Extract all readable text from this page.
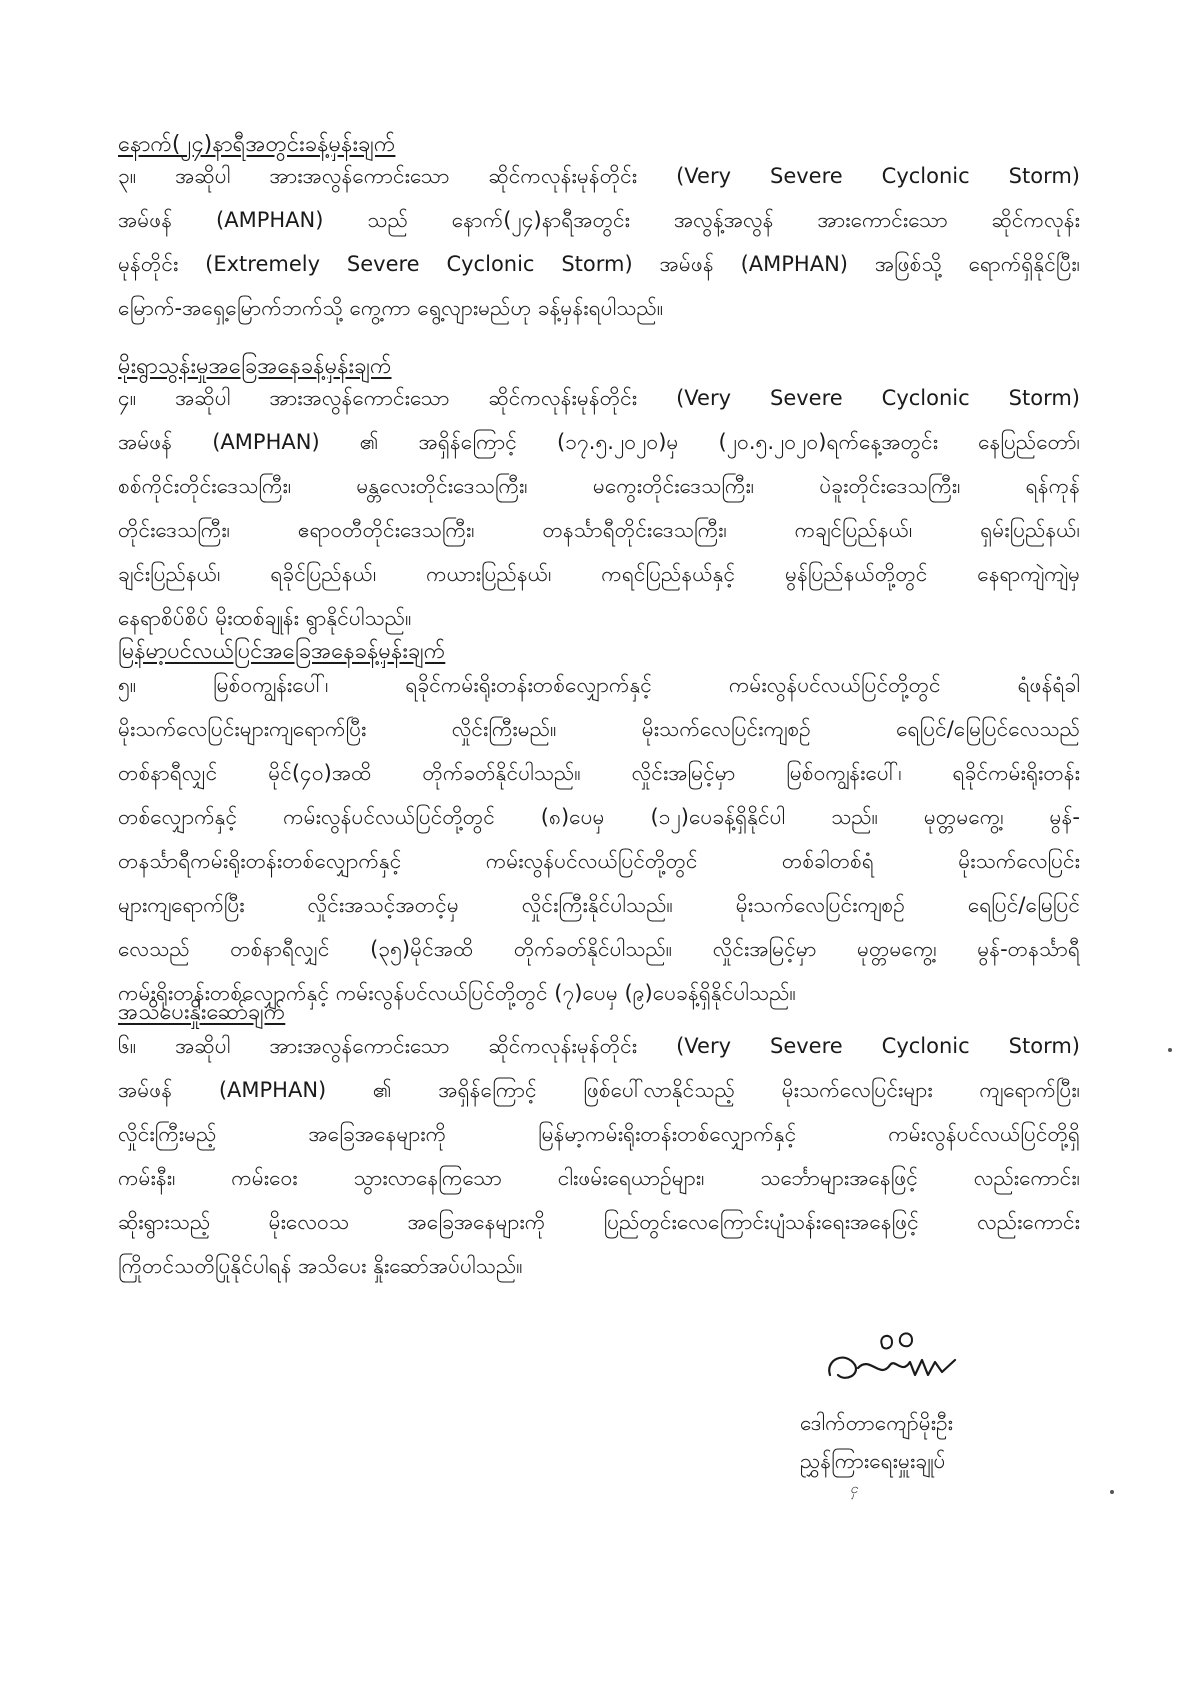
နောက်(၂၄)နာရီအတွင်းခန့်မှန်းချက်
၃။ အဆိုပါ အားအလွန်ကောင်းသော ဆိုင်ကလုန်းမုန်တိုင်း (Very Severe Cyclonic Storm)
အမ်ဖန် (AMPHAN) သည် နောက်(၂၄)နာရီအတွင်း အလွန့်အလွန် အားကောင်းသော ဆိုင်ကလုန်း
မုန်တိုင်း (Extremely Severe Cyclonic Storm) အမ်ဖန် (AMPHAN) အဖြစ်သို့ ရောက်ရှိနိုင်ပြီး၊
မြောက်-အရှေ့မြောက်ဘက်သို့ ကွေ့ကာ ရွေ့လျားမည်ဟု ခန့်မှန်းရပါသည်။
မိုးရွာသွန်းမှုအခြေအနေခန့်မှန်းချက်
၄။ အဆိုပါ အားအလွန်ကောင်းသော ဆိုင်ကလုန်းမုန်တိုင်း (Very Severe Cyclonic Storm)
အမ်ဖန် (AMPHAN) ၏ အရှိန်ကြောင့် (၁၇.၅.၂၀၂၀)မှ (၂၀.၅.၂၀၂၀)ရက်နေ့အတွင်း နေပြည်တော်၊
စစ်ကိုင်းတိုင်းဒေသကြီး၊ မန္တလေးတိုင်းဒေသကြီး၊ မကွေးတိုင်းဒေသကြီး၊ ပဲခူးတိုင်းဒေသကြီး၊ ရန်ကုန်
တိုင်းဒေသကြီး၊ ဧရာဝတီတိုင်းဒေသကြီး၊ တနင်္သာရီတိုင်းဒေသကြီး၊ ကချင်ပြည်နယ်၊ ရှမ်းပြည်နယ်၊
ချင်းပြည်နယ်၊ ရခိုင်ပြည်နယ်၊ ကယားပြည်နယ်၊ ကရင်ပြည်နယ်နှင့် မွန်ပြည်နယ်တို့တွင် နေရာကျဲကျဲမှ
နေရာစိပ်စိပ် မိုးထစ်ချုန်း ရွာနိုင်ပါသည်။
မြန်မာ့ပင်လယ်ပြင်အခြေအနေခန့်မှန်းချက်
၅။ မြစ်ဝကျွန်းပေါ်၊ ရခိုင်ကမ်းရိုးတန်းတစ်လျှောက်နှင့် ကမ်းလွန်ပင်လယ်ပြင်တို့တွင် ရံဖန်ရံခါ
မိုးသက်လေပြင်းများကျရောက်ပြီး လှိုင်းကြီးမည်။ မိုးသက်လေပြင်းကျစဉ် ရေပြင်/မြေပြင်လေသည်
တစ်နာရီလျှင် မိုင်(၄၀)အထိ တိုက်ခတ်နိုင်ပါသည်။ လှိုင်းအမြင့်မှာ မြစ်ဝကျွန်းပေါ်၊ ရခိုင်ကမ်းရိုးတန်း
တစ်လျှောက်နှင့် ကမ်းလွန်ပင်လယ်ပြင်တို့တွင် (၈)ပေမှ (၁၂)ပေခန့်ရှိနိုင်ပါ သည်။ မုတ္တမကွေ့၊ မွန်-
တနင်္သာရီကမ်းရိုးတန်းတစ်လျှောက်နှင့် ကမ်းလွန်ပင်လယ်ပြင်တို့တွင် တစ်ခါတစ်ရံ မိုးသက်လေပြင်း
များကျရောက်ပြီး လှိုင်းအသင့်အတင့်မှ လှိုင်းကြီးနိုင်ပါသည်။ မိုးသက်လေပြင်းကျစဉ် ရေပြင်/မြေပြင်
လေသည် တစ်နာရီလျှင် (၃၅)မိုင်အထိ တိုက်ခတ်နိုင်ပါသည်။ လှိုင်းအမြင့်မှာ မုတ္တမကွေ့၊ မွန်-တနင်္သာရီ
ကမ်းရိုးတန်းတစ်လျှောက်နှင့် ကမ်းလွန်ပင်လယ်ပြင်တို့တွင် (၇)ပေမှ (၉)ပေခန့်ရှိနိုင်ပါသည်။
အသိပေးနှိုးဆော်ချက်
၆။ အဆိုပါ အားအလွန်ကောင်းသော ဆိုင်ကလုန်းမုန်တိုင်း (Very Severe Cyclonic Storm)
အမ်ဖန် (AMPHAN) ၏ အရှိန်ကြောင့် ဖြစ်ပေါ်လာနိုင်သည့် မိုးသက်လေပြင်းများ ကျရောက်ပြီး၊
လှိုင်းကြီးမည့် အခြေအနေများကို မြန်မာ့ကမ်းရိုးတန်းတစ်လျှောက်နှင့် ကမ်းလွန်ပင်လယ်ပြင်တို့ရှိ
ကမ်းနီး၊ ကမ်းဝေး သွားလာနေကြသော ငါးဖမ်းရေယာဉ်များ၊ သင်္ဘောများအနေဖြင့် လည်းကောင်း၊
ဆိုးရွားသည့် မိုးလေဝသ အခြေအနေများကို ပြည်တွင်းလေကြောင်းပျံသန်းရေးအနေဖြင့် လည်းကောင်း
ကြိုတင်သတိပြုနိုင်ပါရန် အသိပေး နှိုးဆော်အပ်ပါသည်။
ဒေါက်တာကျော်မိုးဦး
ညွှန်ကြားရေးမှူးချုပ်
ငှ
